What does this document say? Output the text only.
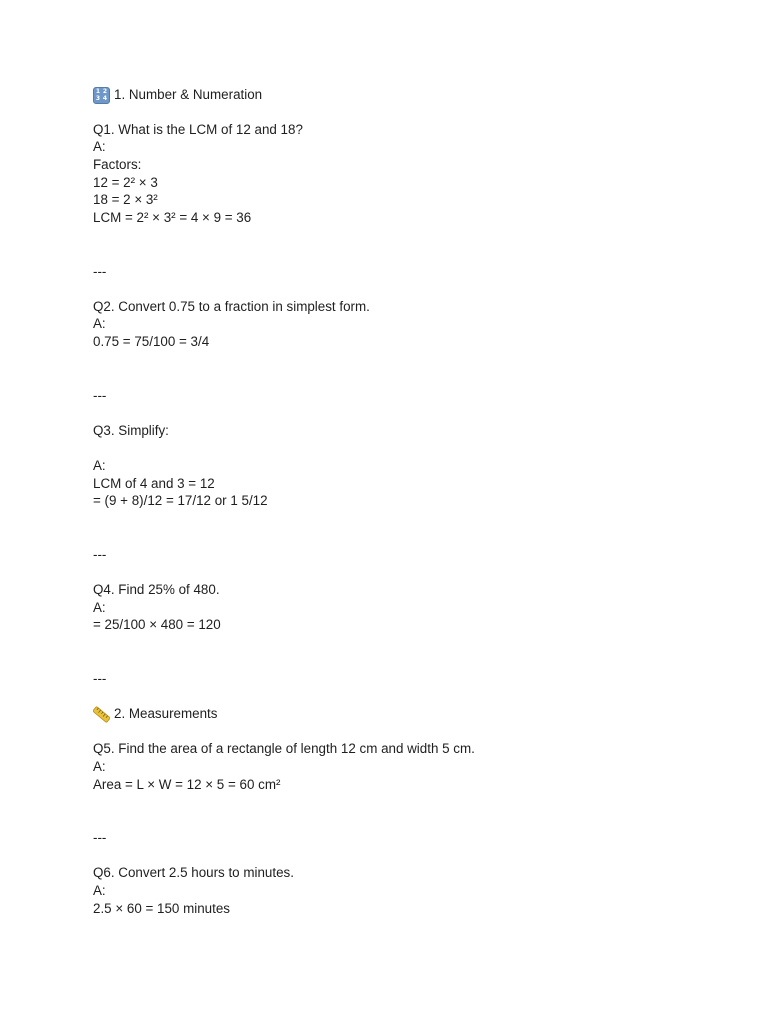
1 2
3 4 1. Number & Numeration
Q1. What is the LCM of 12 and 18?
A:
Factors:
12 = 2² × 3
18 = 2 × 3²
LCM = 2² × 3² = 4 × 9 = 36
---
Q2. Convert 0.75 to a fraction in simplest form.
A:
0.75 = 75/100 = 3/4
---
Q3. Simplify:
A:
LCM of 4 and 3 = 12
= (9 + 8)/12 = 17/12 or 1 5/12
---
Q4. Find 25% of 480.
A:
= 25/100 × 480 = 120
---
2. Measurements
Q5. Find the area of a rectangle of length 12 cm and width 5 cm.
A:
Area = L × W = 12 × 5 = 60 cm²
---
Q6. Convert 2.5 hours to minutes.
A:
2.5 × 60 = 150 minutes
